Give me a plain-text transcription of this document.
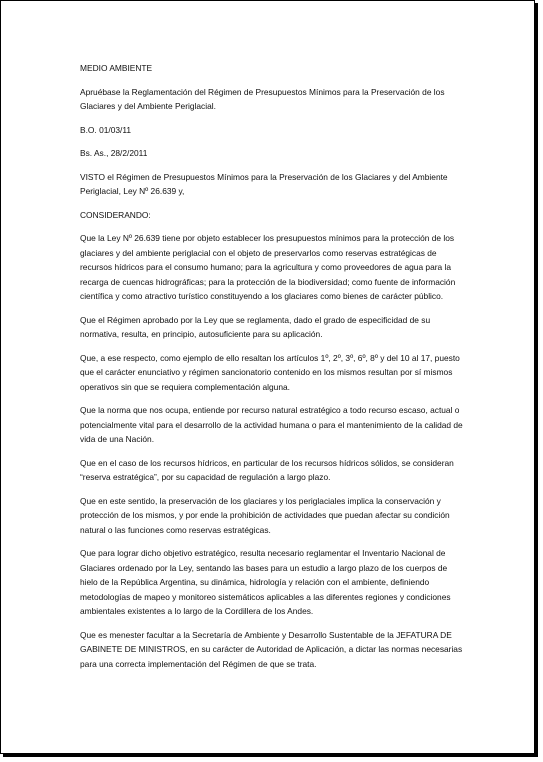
MEDIO AMBIENTE

Apruébase la Reglamentación del Régimen de Presupuestos Mínimos para la Preservación de los Glaciares y del Ambiente Periglacial.

B.O. 01/03/11

Bs. As., 28/2/2011

VISTO el Régimen de Presupuestos Mínimos para la Preservación de los Glaciares y del Ambiente Periglacial, Ley Nº 26.639 y,

CONSIDERANDO:

Que la Ley Nº 26.639 tiene por objeto establecer los presupuestos mínimos para la protección de los glaciares y del ambiente periglacial con el objeto de preservarlos como reservas estratégicas de recursos hídricos para el consumo humano; para la agricultura y como proveedores de agua para la recarga de cuencas hidrográficas; para la protección de la biodiversidad; como fuente de información científica y como atractivo turístico constituyendo a los glaciares como bienes de carácter público.

Que el Régimen aprobado por la Ley que se reglamenta, dado el grado de especificidad de su normativa, resulta, en principio, autosuficiente para su aplicación.

Que, a ese respecto, como ejemplo de ello resaltan los artículos 1º, 2º, 3º, 6º, 8º y del 10 al 17, puesto que el carácter enunciativo y régimen sancionatorio contenido en los mismos resultan por sí mismos operativos sin que se requiera complementación alguna.

Que la norma que nos ocupa, entiende por recurso natural estratégico a todo recurso escaso, actual o potencialmente vital para el desarrollo de la actividad humana o para el mantenimiento de la calidad de vida de una Nación.

Que en el caso de los recursos hídricos, en particular de los recursos hídricos sólidos, se consideran “reserva estratégica”, por su capacidad de regulación a largo plazo.

Que en este sentido, la preservación de los glaciares y los periglaciales implica la conservación y protección de los mismos, y por ende la prohibición de actividades que puedan afectar su condición natural o las funciones como reservas estratégicas.

Que para lograr dicho objetivo estratégico, resulta necesario reglamentar el Inventario Nacional de Glaciares ordenado por la Ley, sentando las bases para un estudio a largo plazo de los cuerpos de hielo de la República Argentina, su dinámica, hidrología y relación con el ambiente, definiendo metodologías de mapeo y monitoreo sistemáticos aplicables a las diferentes regiones y condiciones ambientales existentes a lo largo de la Cordillera de los Andes.

Que es menester facultar a la Secretaría de Ambiente y Desarrollo Sustentable de la JEFATURA DE GABINETE DE MINISTROS, en su carácter de Autoridad de Aplicación, a dictar las normas necesarias para una correcta implementación del Régimen de que se trata.
